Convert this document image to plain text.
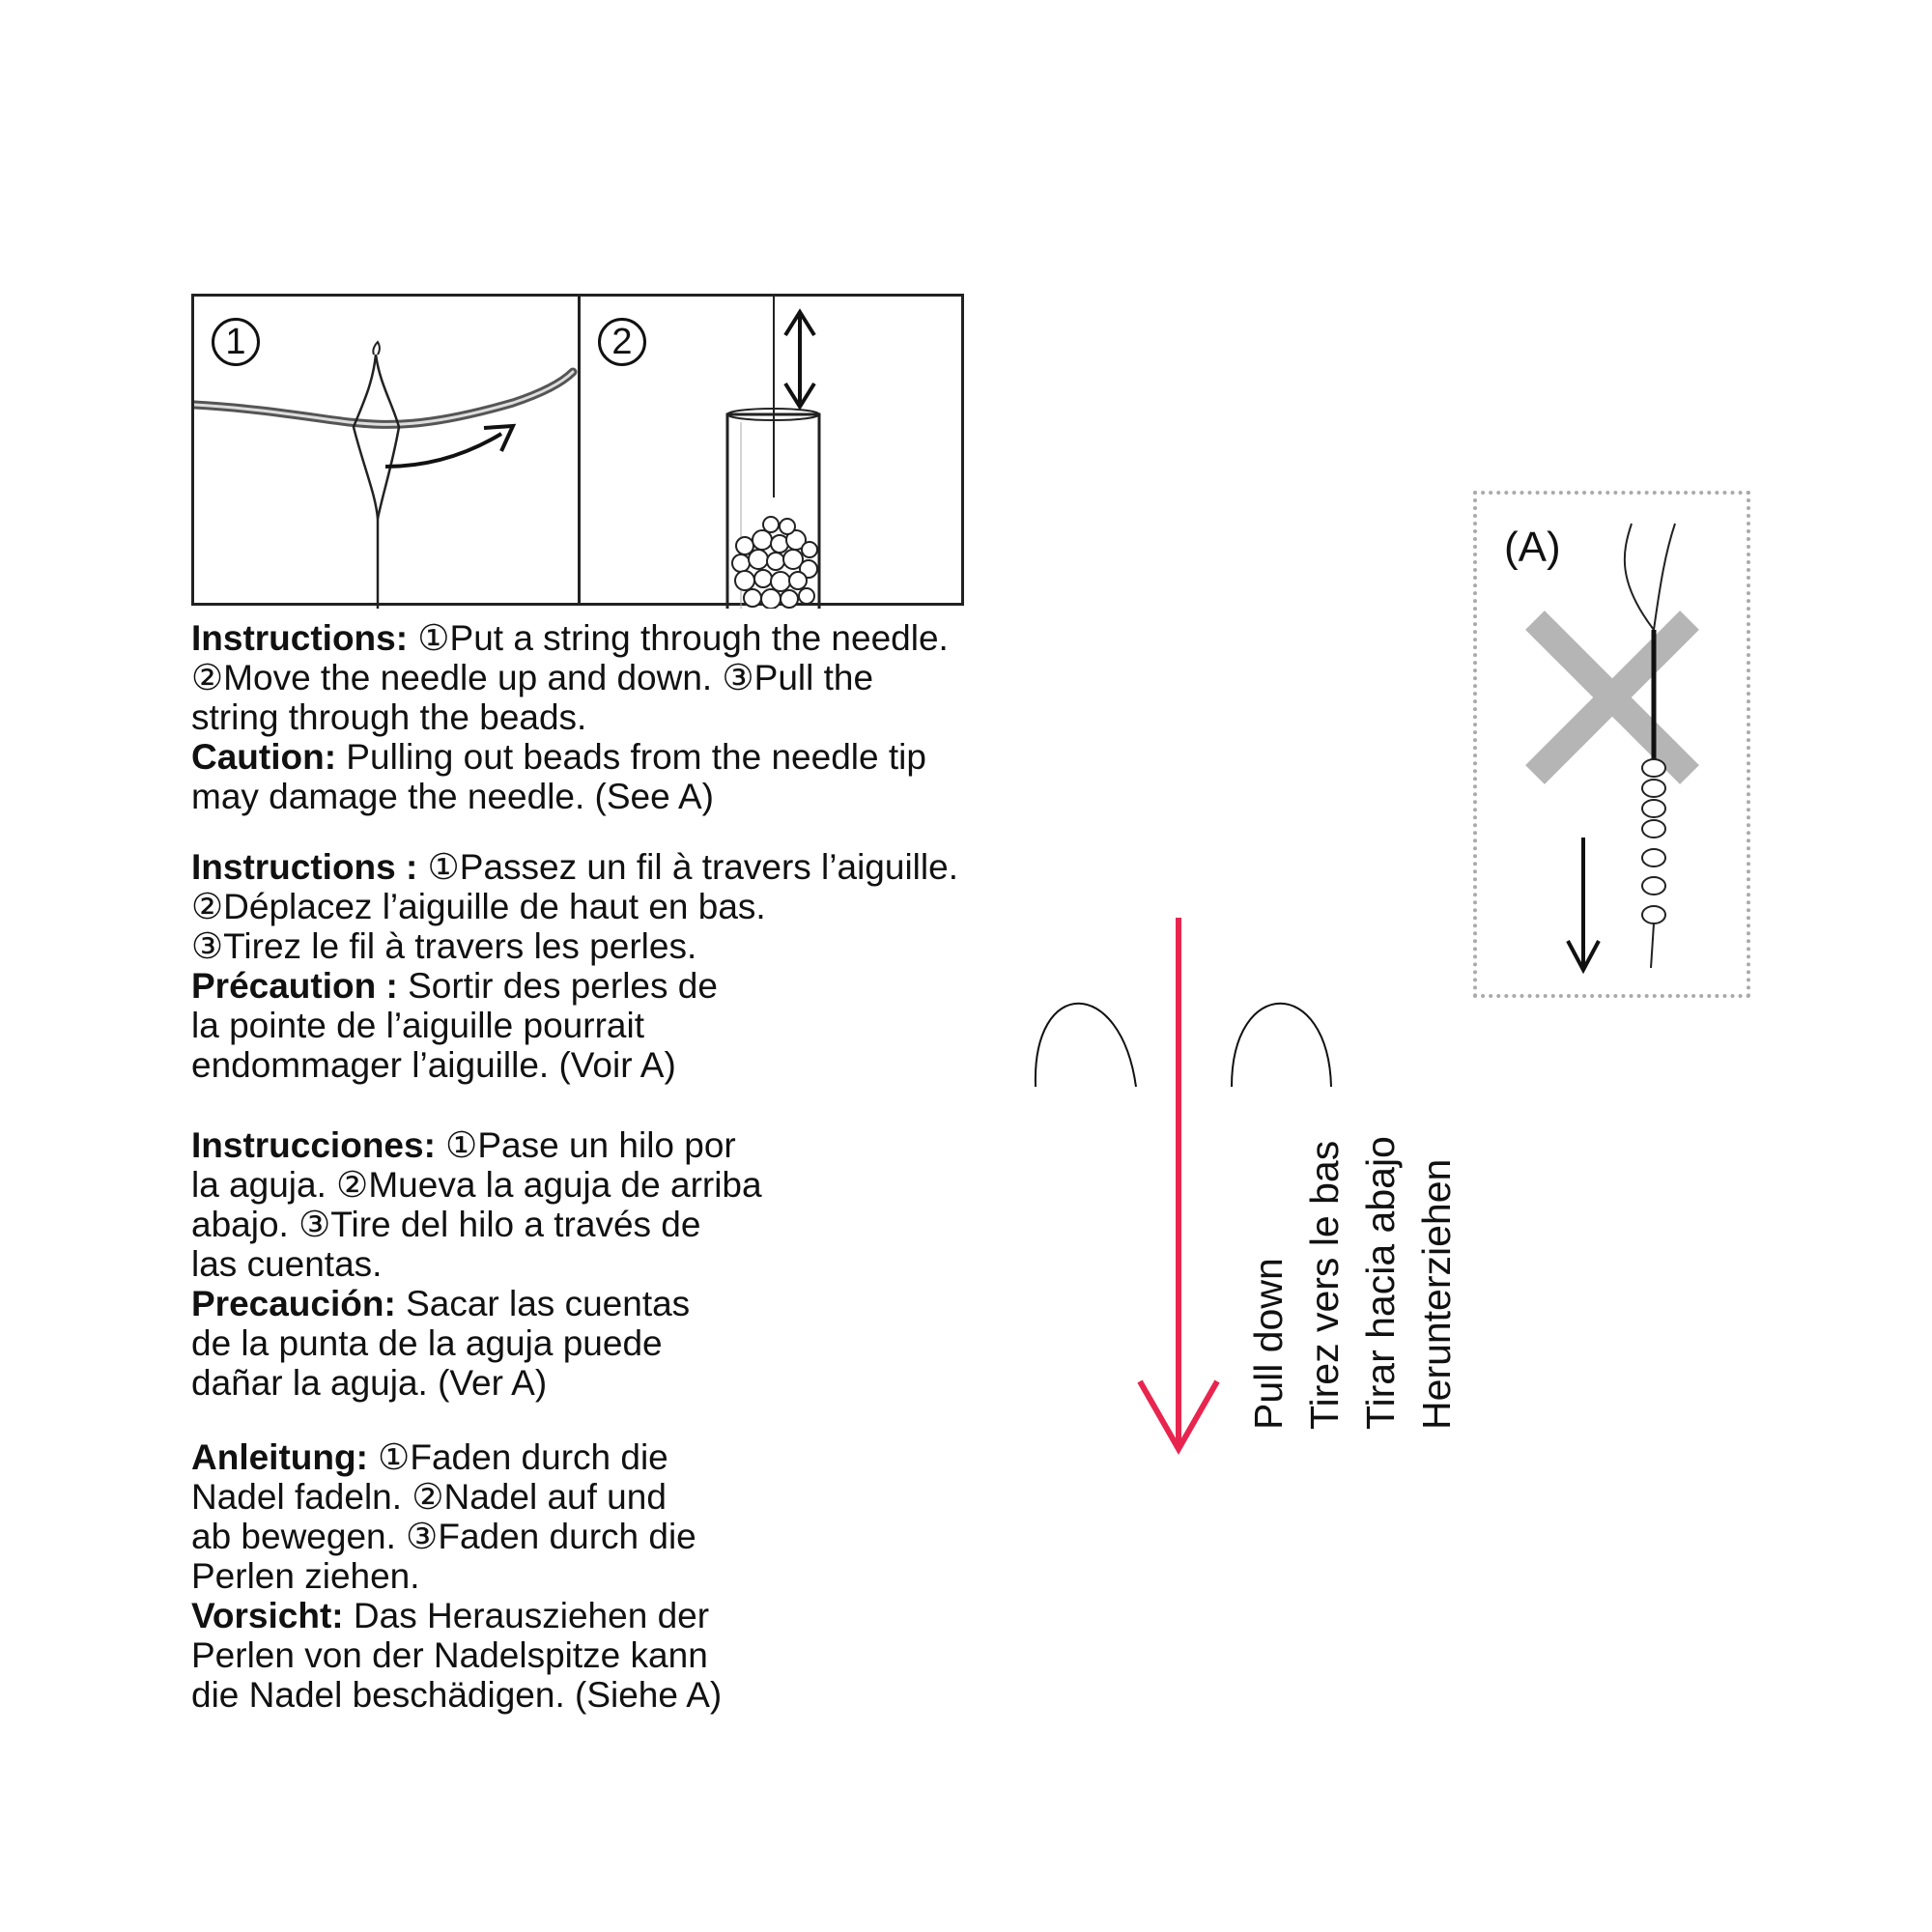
1	2

Instructions: ①Put a string through the needle.

②Move the needle up and down. ③Pull the

string through the beads.

Caution: Pulling out beads from the needle tip

may damage the needle. (See A)

Instructions : ①Passez un fil à travers l’aiguille.

②Déplacez l’aiguille de haut en bas.

③Tirez le fil à travers les perles.

Précaution : Sortir des perles de

la pointe de l’aiguille pourrait

endommager l’aiguille. (Voir A)

Instrucciones: ①Pase un hilo por

la aguja. ②Mueva la aguja de arriba

abajo. ③Tire del hilo a través de

las cuentas.

Precaución: Sacar las cuentas

de la punta de la aguja puede

dañar la aguja. (Ver A)

Anleitung: ①Faden durch die

Nadel fadeln. ②Nadel auf und

ab bewegen. ③Faden durch die

Perlen ziehen.

Vorsicht: Das Herausziehen der

Perlen von der Nadelspitze kann

die Nadel beschädigen. (Siehe A)

Pull down Tirez vers le bas Tirar hacia abajo Herunterziehen
(A)
